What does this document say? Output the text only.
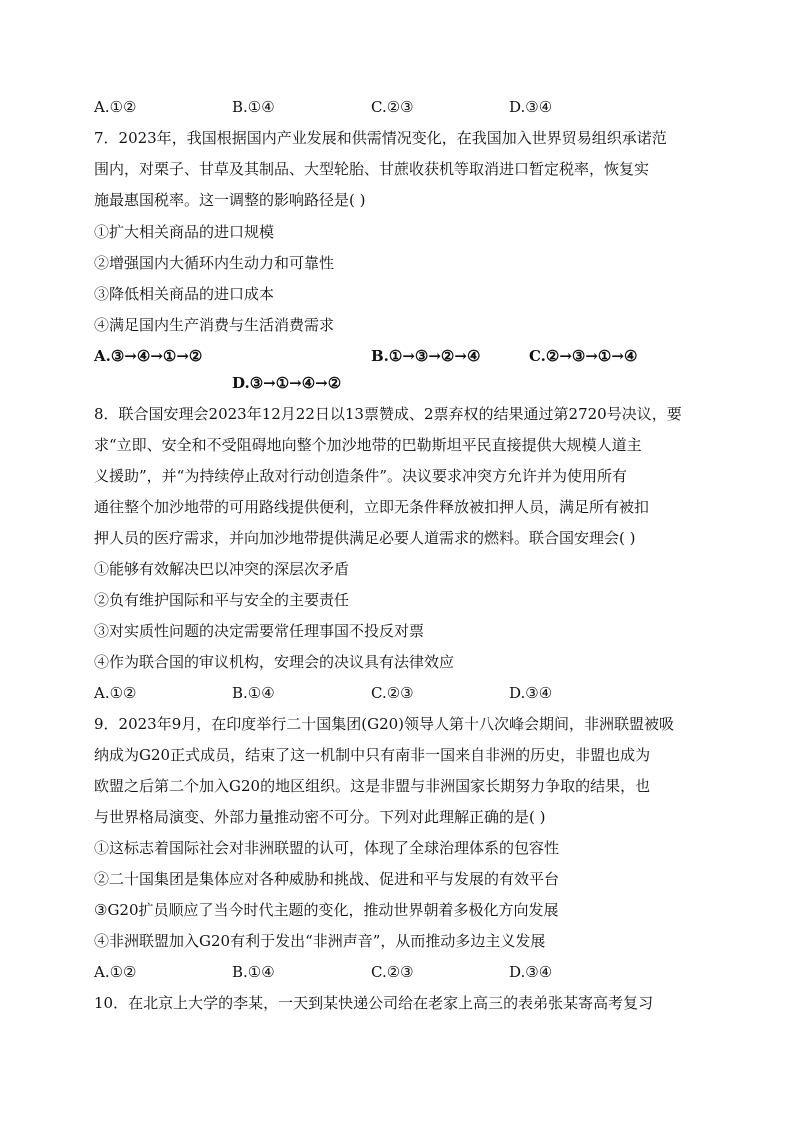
A.①②	B.①④	C.②③	D.③④
7．2023年，我国根据国内产业发展和供需情况变化，在我国加入世界贸易组织承诺范
围内，对栗子、甘草及其制品、大型轮胎、甘蔗收获机等取消进口暂定税率，恢复实
施最惠国税率。这一调整的影响路径是( )
①扩大相关商品的进口规模
②增强国内大循环内生动力和可靠性
③降低相关商品的进口成本
④满足国内生产消费与生活消费需求
A.③→④→①→②	B.①→③→②→④	C.②→③→①→④
D.③→①→④→②
8．联合国安理会2023年12月22日以13票赞成、2票弃权的结果通过第2720号决议，要
求“立即、安全和不受阻碍地向整个加沙地带的巴勒斯坦平民直接提供大规模人道主
义援助”，并“为持续停止敌对行动创造条件”。决议要求冲突方允许并为使用所有
通往整个加沙地带的可用路线提供便利，立即无条件释放被扣押人员，满足所有被扣
押人员的医疗需求，并向加沙地带提供满足必要人道需求的燃料。联合国安理会( )
①能够有效解决巴以冲突的深层次矛盾
②负有维护国际和平与安全的主要责任
③对实质性问题的决定需要常任理事国不投反对票
④作为联合国的审议机构，安理会的决议具有法律效应
A.①②	B.①④	C.②③	D.③④
9．2023年9月，在印度举行二十国集团(G20)领导人第十八次峰会期间，非洲联盟被吸
纳成为G20正式成员，结束了这一机制中只有南非一国来自非洲的历史，非盟也成为
欧盟之后第二个加入G20的地区组织。这是非盟与非洲国家长期努力争取的结果，也
与世界格局演变、外部力量推动密不可分。下列对此理解正确的是( )
①这标志着国际社会对非洲联盟的认可，体现了全球治理体系的包容性
②二十国集团是集体应对各种威胁和挑战、促进和平与发展的有效平台
③G20扩员顺应了当今时代主题的变化，推动世界朝着多极化方向发展
④非洲联盟加入G20有利于发出“非洲声音”，从而推动多边主义发展
A.①②	B.①④	C.②③	D.③④
10．在北京上大学的李某，一天到某快递公司给在老家上高三的表弟张某寄高考复习
